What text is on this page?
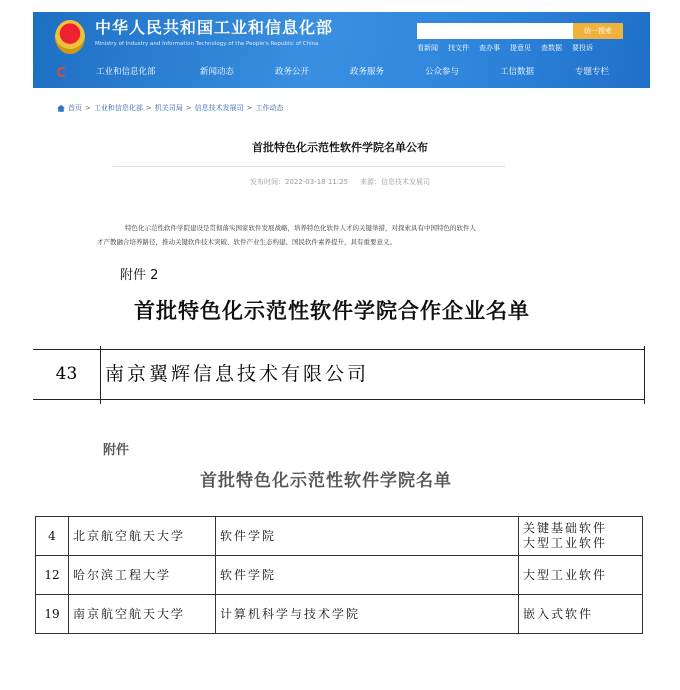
中华人民共和国工业和信息化部
Ministry of Industry and Information Technology of the People's Republic of China
统一搜索
看新闻 找文件 查办事 提意见 查数据 要投诉
工业和信息化部	新闻动态	政务公开	政务服务	公众参与	工信数据	专题专栏
首页 > 工业和信息化部 > 机关司局 > 信息技术发展司 > 工作动态
首批特色化示范性软件学院名单公布
发布时间：2022-03-18 11:25 来源：信息技术发展司

特色化示范性软件学院建设是贯彻落实国家软件发展战略，培养特色化软件人才的关键举措，对探索具有中国特色的软件人才产教融合培养路径，推动关键软件技术突破、软件产业生态构建、国民软件素养提升，具有重要意义。

附件 2
首批特色化示范性软件学院合作企业名单
43	南京翼辉信息技术有限公司
附件
首批特色化示范性软件学院名单
4	北京航空航天大学	软件学院	关键基础软件
大型工业软件

12	哈尔滨工程大学	软件学院	大型工业软件
19	南京航空航天大学	计算机科学与技术学院	嵌入式软件
